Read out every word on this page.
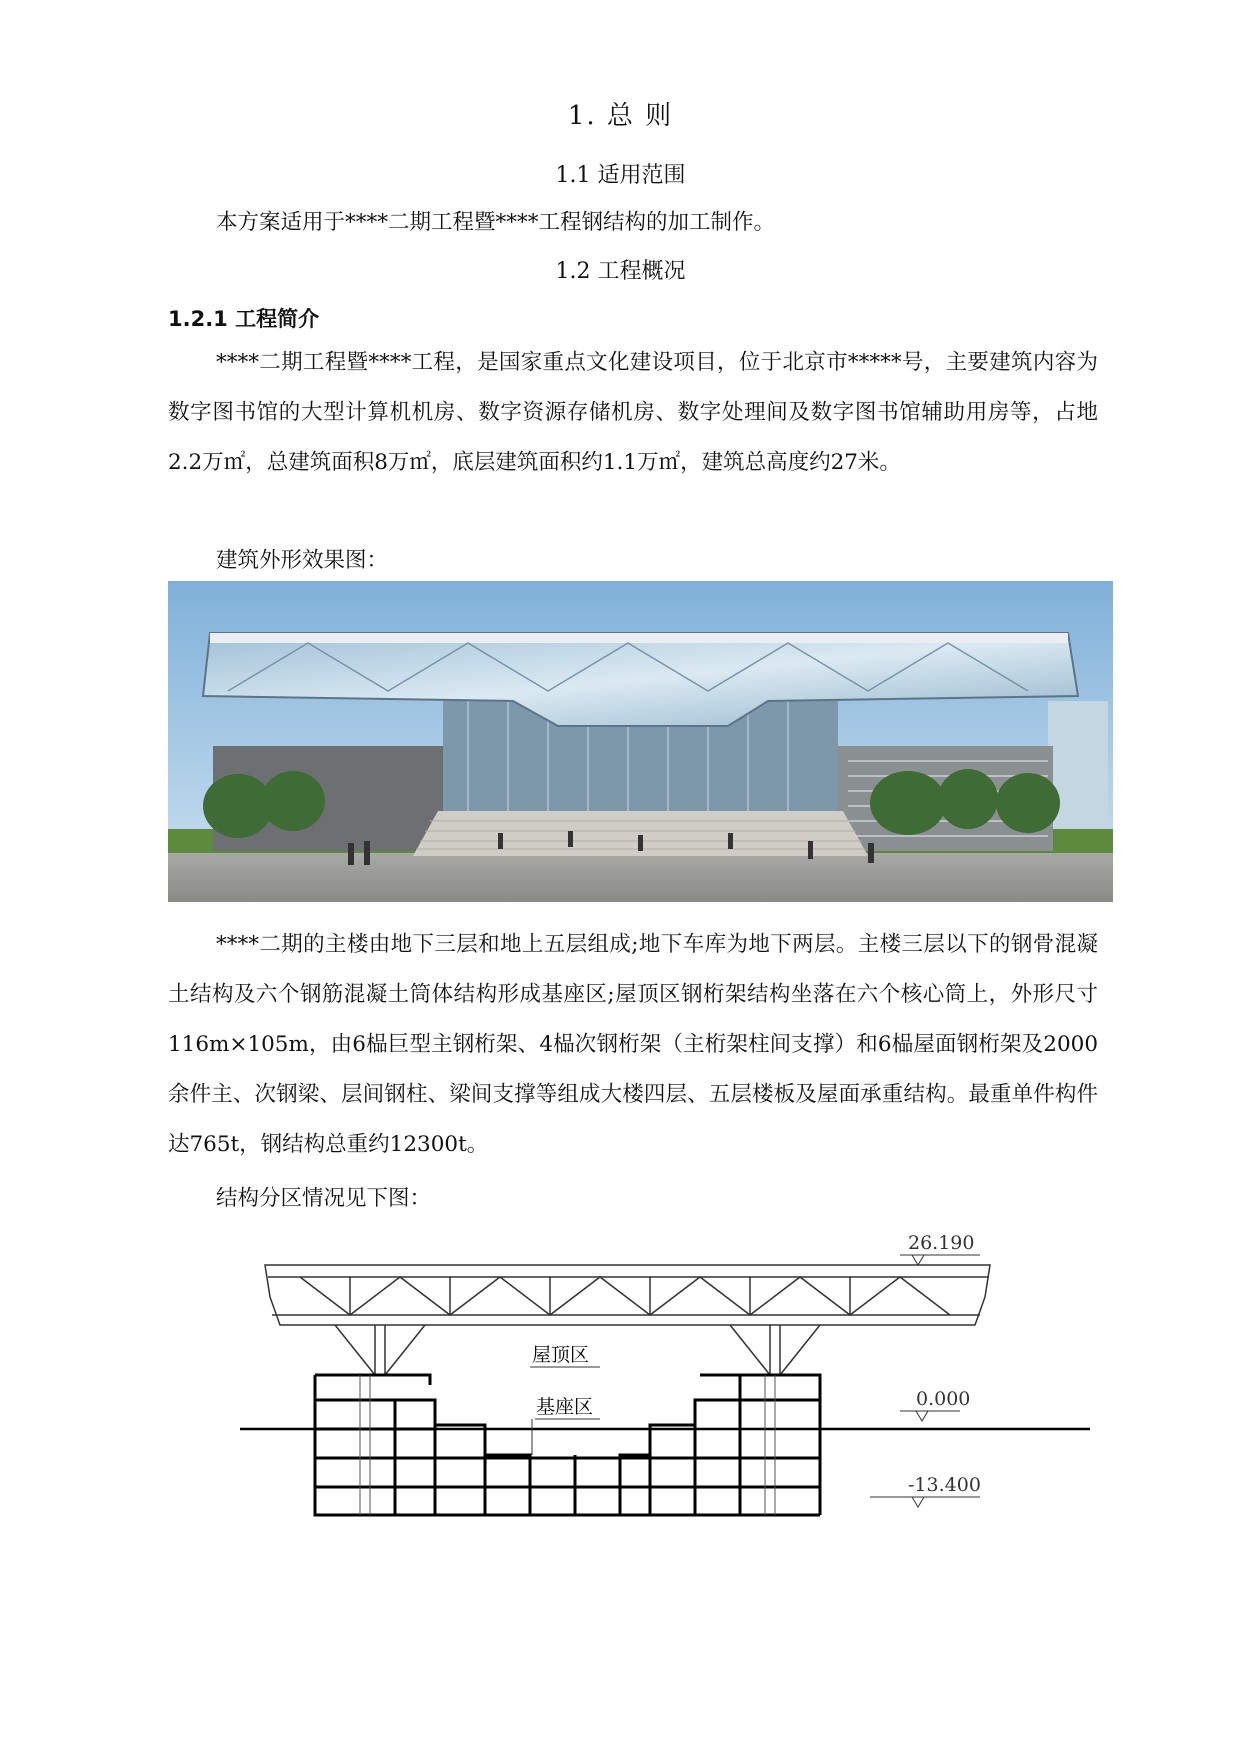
1. 总 则
1.1 适用范围
本方案适用于****二期工程暨****工程钢结构的加工制作。
1.2 工程概况
1.2.1 工程简介

****二期工程暨****工程，是国家重点文化建设项目，位于北京市*****号，主要建筑内容为数字图书馆的大型计算机机房、数字资源存储机房、数字处理间及数字图书馆辅助用房等，占地2.2万㎡，总建筑面积8万㎡，底层建筑面积约1.1万㎡，建筑总高度约27米。

建筑外形效果图：

****二期的主楼由地下三层和地上五层组成;地下车库为地下两层。主楼三层以下的钢骨混凝土结构及六个钢筋混凝土筒体结构形成基座区;屋顶区钢桁架结构坐落在六个核心筒上，外形尺寸116m×105m，由6榀巨型主钢桁架、4榀次钢桁架（主桁架柱间支撑）和6榀屋面钢桁架及2000余件主、次钢梁、层间钢柱、梁间支撑等组成大楼四层、五层楼板及屋面承重结构。最重单件构件达765t，钢结构总重约12300t。

结构分区情况见下图：
屋顶区
基座区
26.190
0.000
-13.400
